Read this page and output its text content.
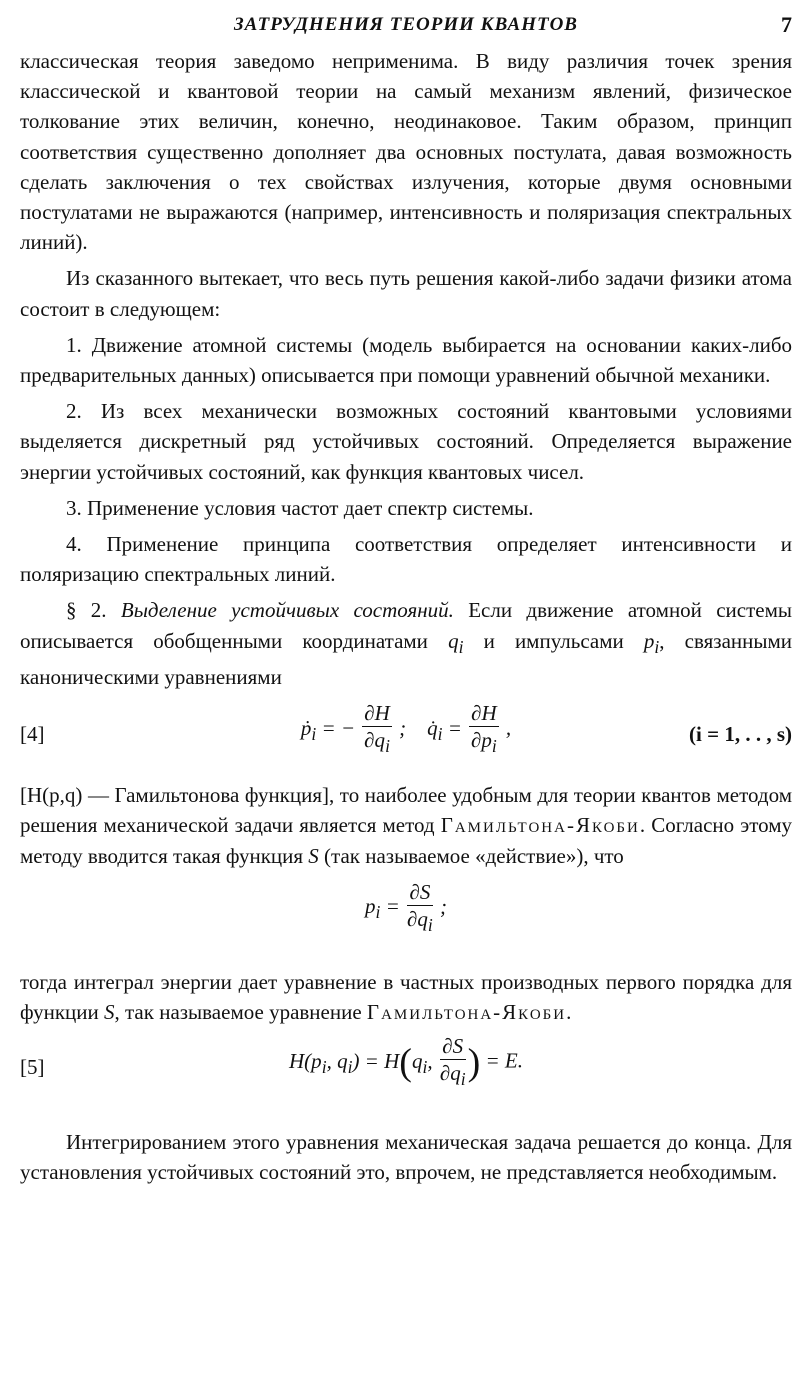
ЗАТРУДНЕНИЯ ТЕОРИИ КВАНТОВ	7

классическая теория заведомо неприменима. В виду различия точек зрения классической и квантовой теории на самый механизм явлений, физическое толкование этих величин, конечно, неодинаковое. Таким образом, принцип соответствия существенно дополняет два основных постулата, давая возможность сделать заключения о тех свойствах излучения, которые двумя основными постулатами не выражаются (например, интенсивность и поляризация спектральных линий).

Из сказанного вытекает, что весь путь решения какой-либо задачи физики атома состоит в следующем:

1. Движение атомной системы (модель выбирается на основании каких-либо предварительных данных) описывается при помощи уравнений обычной механики.

2. Из всех механически возможных состояний квантовыми условиями выделяется дискретный ряд устойчивых состояний. Определяется выражение энергии устойчивых состояний, как функция квантовых чисел.

3. Применение условия частот дает спектр системы.

4. Применение принципа соответствия определяет интенсивности и поляризацию спектральных линий.

§ 2. Выделение устойчивых состояний. Если движение атомной системы описывается обобщенными координатами $q_i$ и импульсами $p_i$, связанными каноническими уравнениями

[4]	ṗ$_i$ = − $\frac{\partial H}{\partial q_i}$ ;    $q̇_i = \frac{\partial H}{\partial p_i}$ ,	(i = 1, . . , s)

[H(p,q) — Гамильтонова функция], то наиболее удобным для теории квантов методом решения механической задачи является метод Гамильтона-Якоби. Согласно этому методу вводится такая функция S (так называемое «действие»), что

$p_i = \frac{\partial S}{\partial q_i}$ ;

тогда интеграл энергии дает уравнение в частных производных первого порядка для функции S, так называемое уравнение Гамильтона-Якоби.

[5]	$H(p_i$, $q_i) = H(q_i$, $\frac{\partial S}{\partial q_i}$ ) = E.

Интегрированием этого уравнения механическая задача решается до конца. Для установления устойчивых состояний это, впрочем, не представляется необходимым.
